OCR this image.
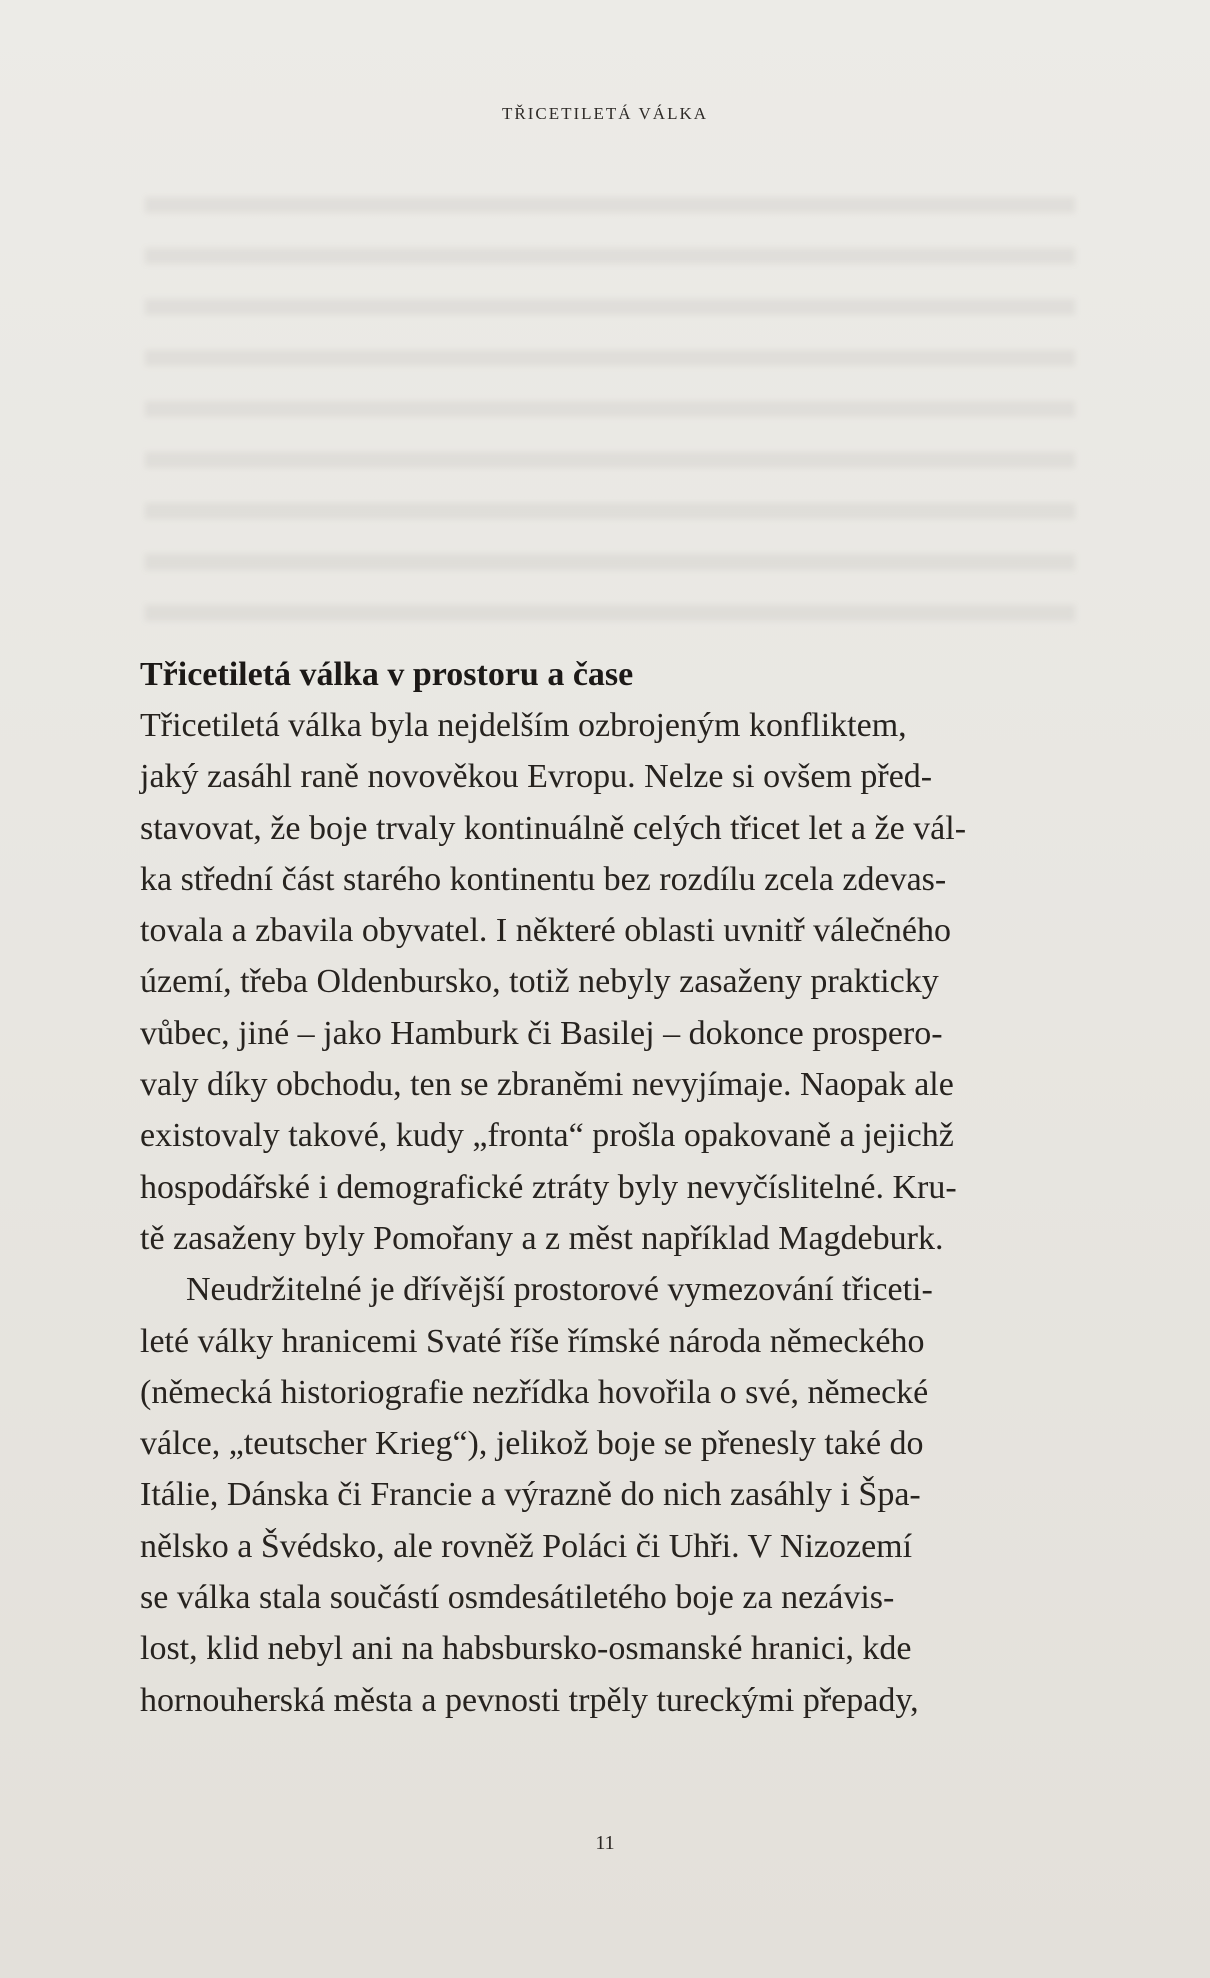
TŘICETILETÁ VÁLKA
Třicetiletá válka v prostoru a čase

Třicetiletá válka byla nejdelším ozbrojeným konfliktem,
jaký zasáhl raně novověkou Evropu. Nelze si ovšem před-
stavovat, že boje trvaly kontinuálně celých třicet let a že vál-
ka střední část starého kontinentu bez rozdílu zcela zdevas-
tovala a zbavila obyvatel. I některé oblasti uvnitř válečného
území, třeba Oldenbursko, totiž nebyly zasaženy prakticky
vůbec, jiné – jako Hamburk či Basilej – dokonce prospero-
valy díky obchodu, ten se zbraněmi nevyjímaje. Naopak ale
existovaly takové, kudy „fronta“ prošla opakovaně a jejichž
hospodářské i demografické ztráty byly nevyčíslitelné. Kru-
tě zasaženy byly Pomořany a z měst například Magdeburk.

Neudržitelné je dřívější prostorové vymezování třiceti-
leté války hranicemi Svaté říše římské národa německého
(německá historiografie nezřídka hovořila o své, německé
válce, „teutscher Krieg“), jelikož boje se přenesly také do
Itálie, Dánska či Francie a výrazně do nich zasáhly i Špa-
nělsko a Švédsko, ale rovněž Poláci či Uhři. V Nizozemí
se válka stala součástí osmdesátiletého boje za nezávis-
lost, klid nebyl ani na habsbursko-osmanské hranici, kde
hornouherská města a pevnosti trpěly tureckými přepady,

11
